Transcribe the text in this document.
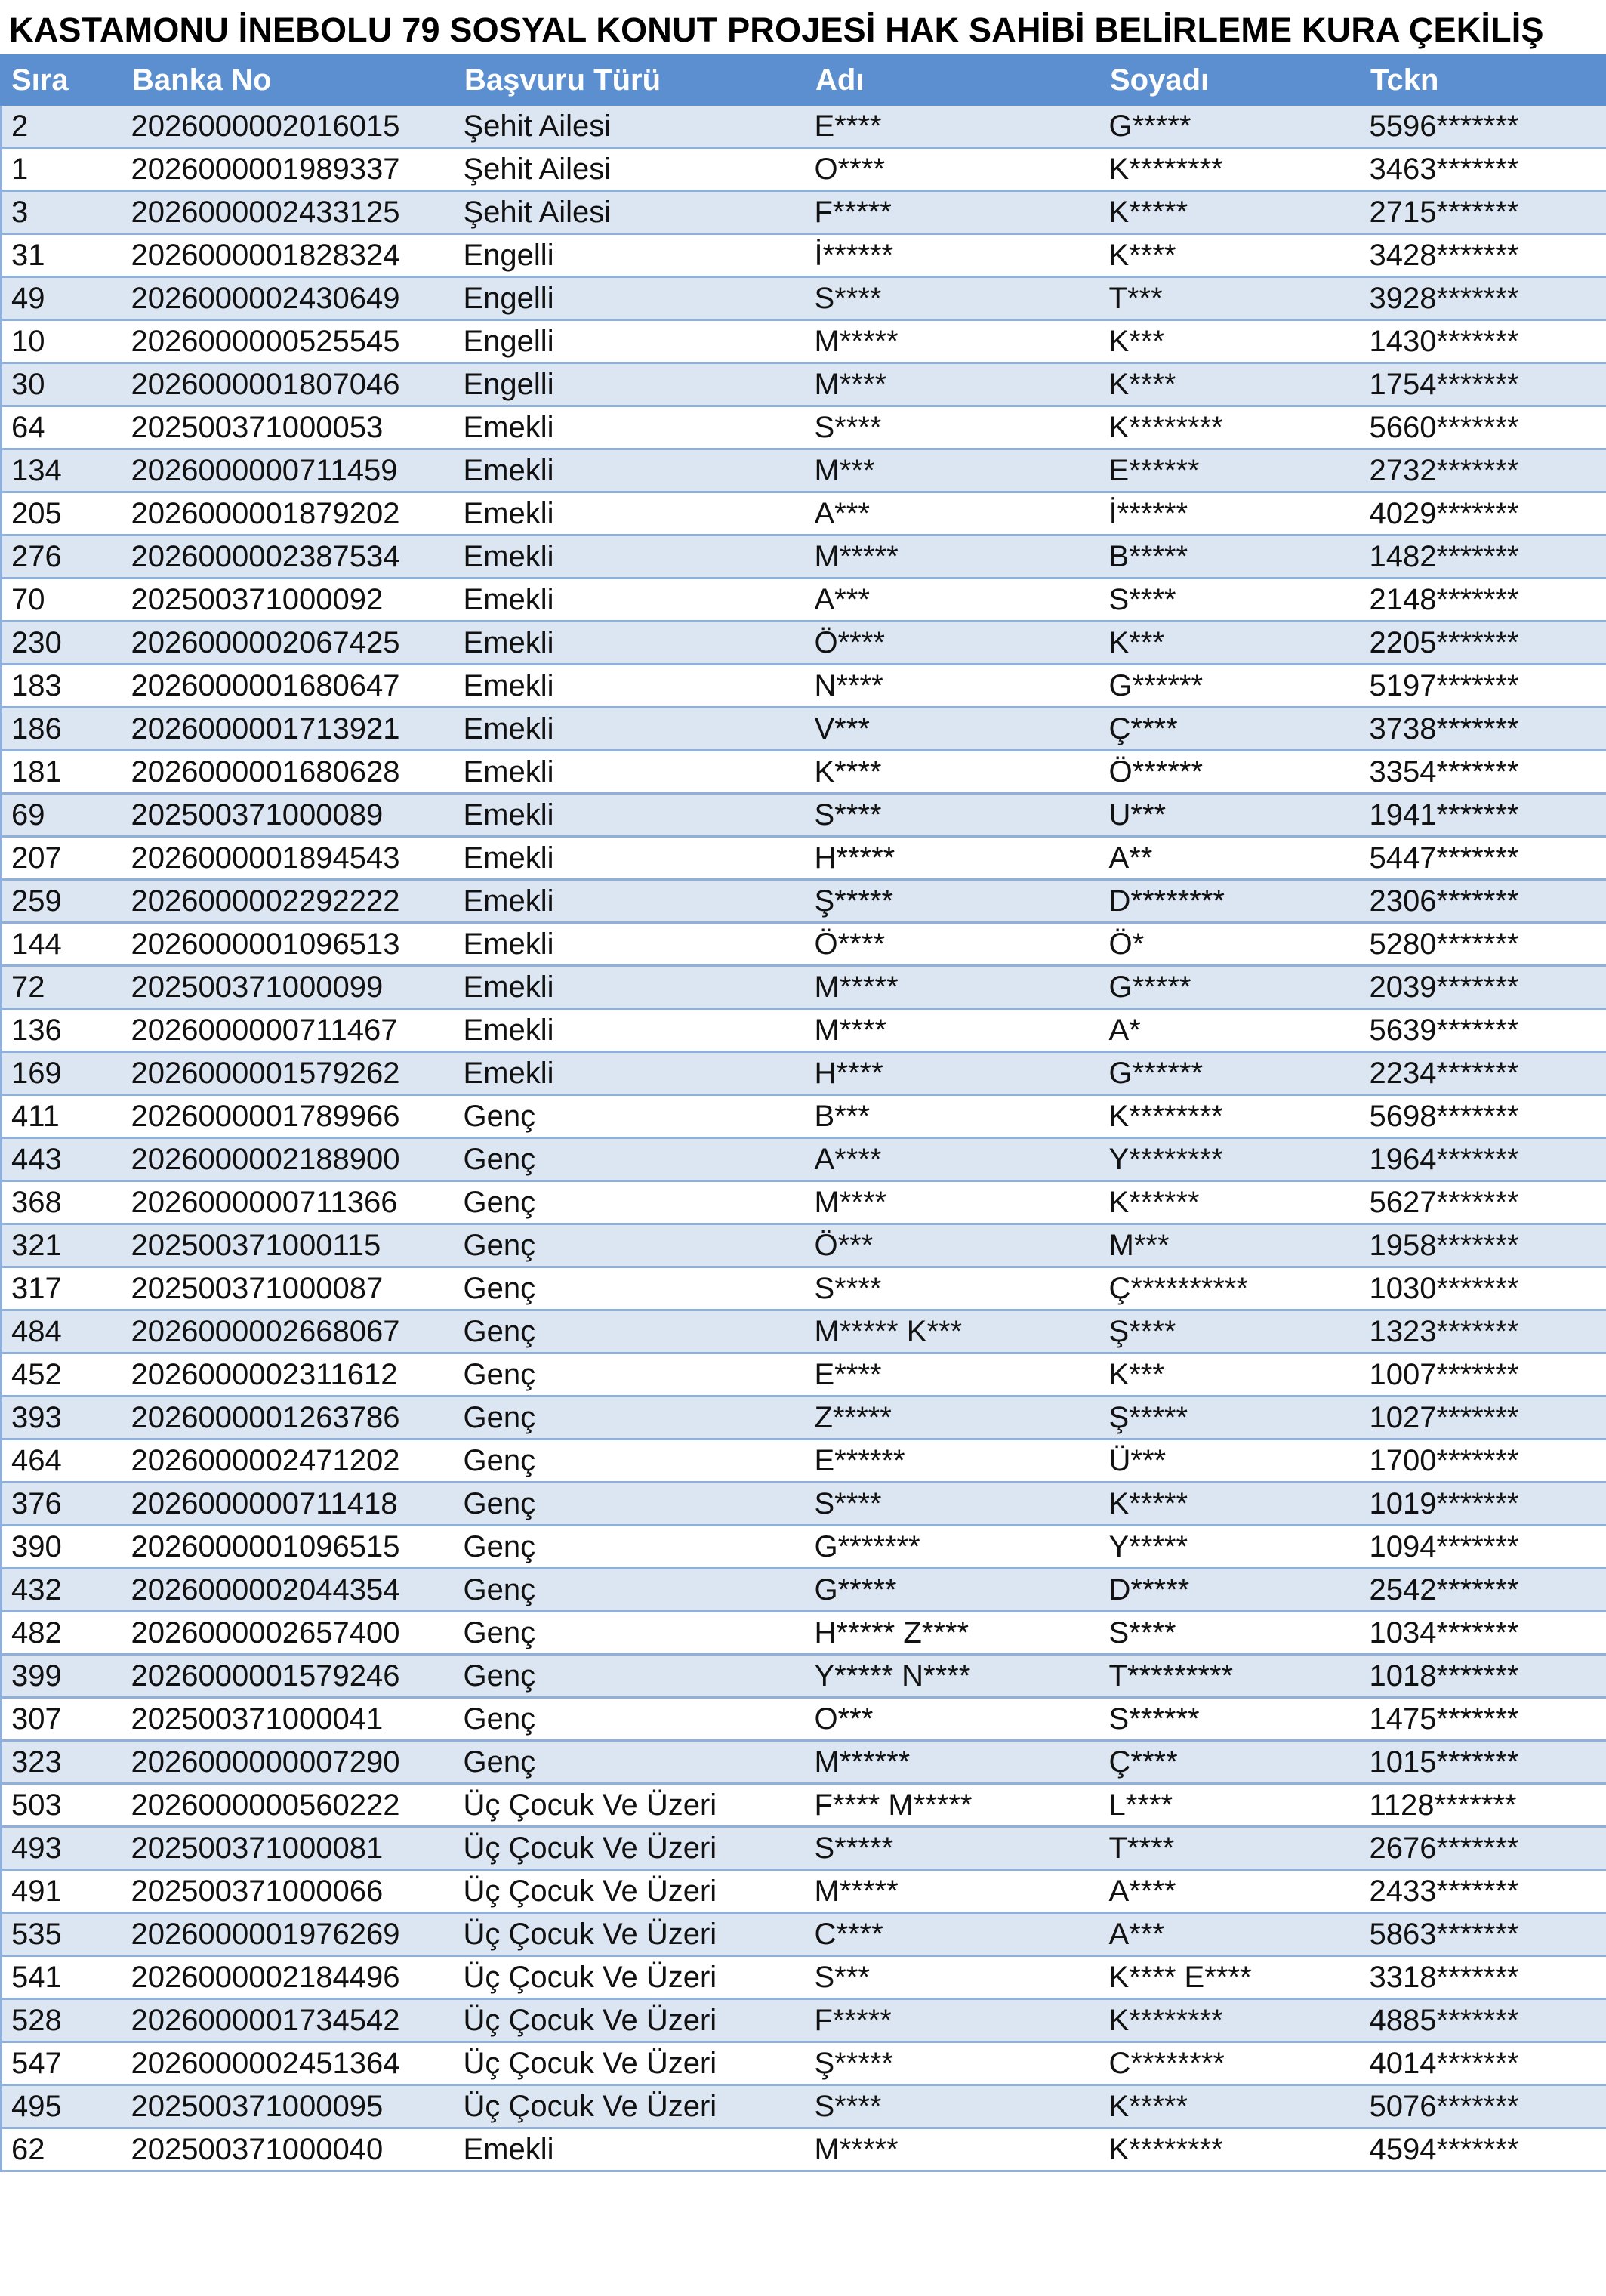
KASTAMONU İNEBOLU 79 SOSYAL KONUT PROJESİ HAK SAHİBİ BELİRLEME KURA ÇEKİLİŞ
Sıra	Banka No	Başvuru Türü	Adı	Soyadı	Tckn
2	2026000002016015	Şehit Ailesi	E****	G*****	5596*******
1	2026000001989337	Şehit Ailesi	O****	K********	3463*******
3	2026000002433125	Şehit Ailesi	F*****	K*****	2715*******
31	2026000001828324	Engelli	İ******	K****	3428*******
49	2026000002430649	Engelli	S****	T***	3928*******
10	2026000000525545	Engelli	M*****	K***	1430*******
30	2026000001807046	Engelli	M****	K****	1754*******
64	202500371000053	Emekli	S****	K********	5660*******
134	2026000000711459	Emekli	M***	E******	2732*******
205	2026000001879202	Emekli	A***	İ******	4029*******
276	2026000002387534	Emekli	M*****	B*****	1482*******
70	202500371000092	Emekli	A***	S****	2148*******
230	2026000002067425	Emekli	Ö****	K***	2205*******
183	2026000001680647	Emekli	N****	G******	5197*******
186	2026000001713921	Emekli	V***	Ç****	3738*******
181	2026000001680628	Emekli	K****	Ö******	3354*******
69	202500371000089	Emekli	S****	U***	1941*******
207	2026000001894543	Emekli	H*****	A**	5447*******
259	2026000002292222	Emekli	Ş*****	D********	2306*******
144	2026000001096513	Emekli	Ö****	Ö*	5280*******
72	202500371000099	Emekli	M*****	G*****	2039*******
136	2026000000711467	Emekli	M****	A*	5639*******
169	2026000001579262	Emekli	H****	G******	2234*******
411	2026000001789966	Genç	B***	K********	5698*******
443	2026000002188900	Genç	A****	Y********	1964*******
368	2026000000711366	Genç	M****	K******	5627*******
321	202500371000115	Genç	Ö***	M***	1958*******
317	202500371000087	Genç	S****	Ç**********	1030*******
484	2026000002668067	Genç	M***** K***	Ş****	1323*******
452	2026000002311612	Genç	E****	K***	1007*******
393	2026000001263786	Genç	Z*****	Ş*****	1027*******
464	2026000002471202	Genç	E******	Ü***	1700*******
376	2026000000711418	Genç	S****	K*****	1019*******
390	2026000001096515	Genç	G*******	Y*****	1094*******
432	2026000002044354	Genç	G*****	D*****	2542*******
482	2026000002657400	Genç	H***** Z****	S****	1034*******
399	2026000001579246	Genç	Y***** N****	T*********	1018*******
307	202500371000041	Genç	O***	S******	1475*******
323	2026000000007290	Genç	M******	Ç****	1015*******
503	2026000000560222	Üç Çocuk Ve Üzeri	F**** M*****	L****	1128*******
493	202500371000081	Üç Çocuk Ve Üzeri	S*****	T****	2676*******
491	202500371000066	Üç Çocuk Ve Üzeri	M*****	A****	2433*******
535	2026000001976269	Üç Çocuk Ve Üzeri	C****	A***	5863*******
541	2026000002184496	Üç Çocuk Ve Üzeri	S***	K**** E****	3318*******
528	2026000001734542	Üç Çocuk Ve Üzeri	F*****	K********	4885*******
547	2026000002451364	Üç Çocuk Ve Üzeri	Ş*****	C********	4014*******
495	202500371000095	Üç Çocuk Ve Üzeri	S****	K*****	5076*******
62	202500371000040	Emekli	M*****	K********	4594*******
